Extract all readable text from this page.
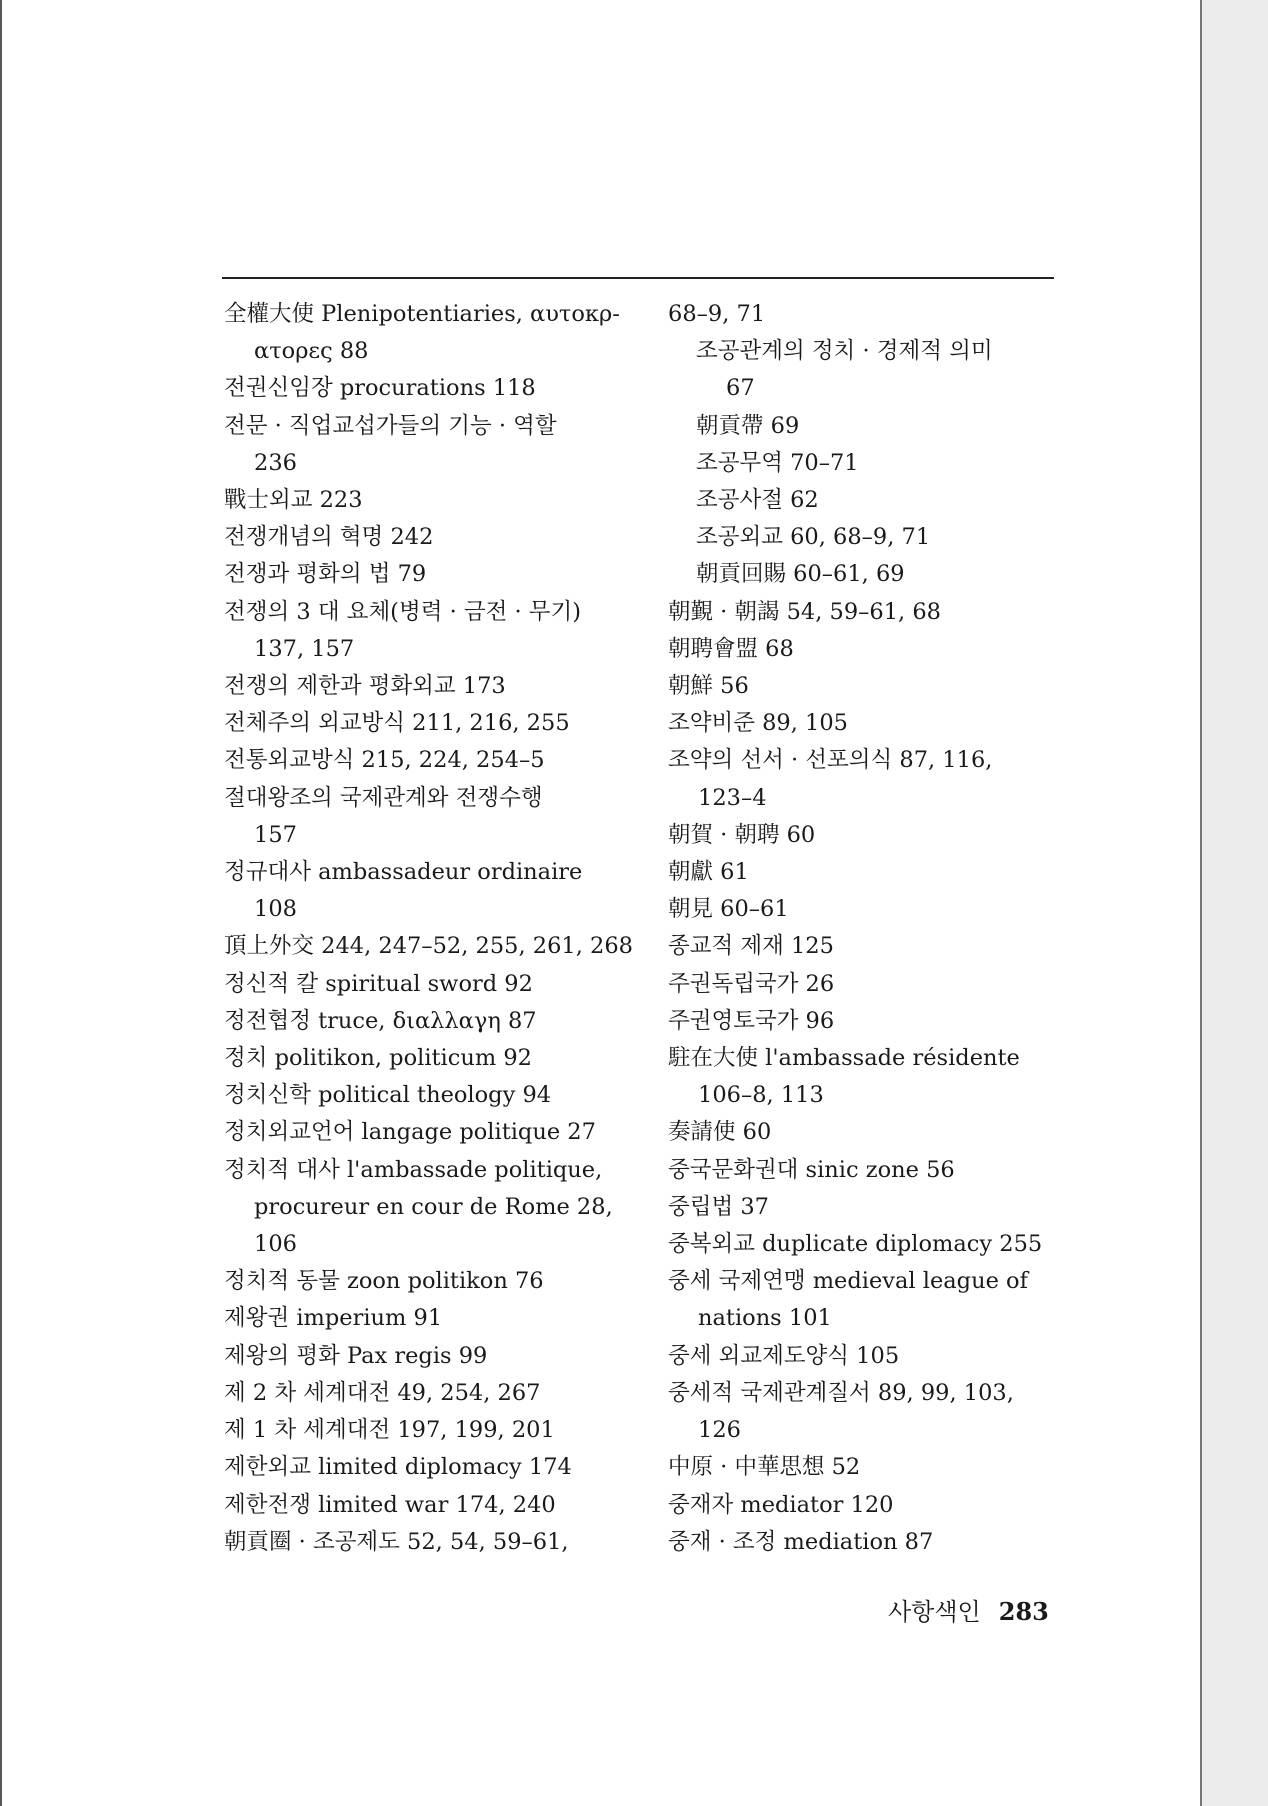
全權大使 Plenipotentiaries, αυτοκρ-
ατορες 88
전권신임장 procurations 118
전문 · 직업교섭가들의 기능 · 역할
236
戰士외교 223
전쟁개념의 혁명 242
전쟁과 평화의 법 79
전쟁의 3 대 요체(병력 · 금전 · 무기)
137, 157
전쟁의 제한과 평화외교 173
전체주의 외교방식 211, 216, 255
전통외교방식 215, 224, 254–5
절대왕조의 국제관계와 전쟁수행
157
정규대사 ambassadeur ordinaire
108
頂上外交 244, 247–52, 255, 261, 268
정신적 칼 spiritual sword 92
정전협정 truce, διαλλαγη 87
정치 politikon, politicum 92
정치신학 political theology 94
정치외교언어 langage politique 27
정치적 대사 l'ambassade politique,
procureur en cour de Rome 28,
106
정치적 동물 zoon politikon 76
제왕권 imperium 91
제왕의 평화 Pax regis 99
제 2 차 세계대전 49, 254, 267
제 1 차 세계대전 197, 199, 201
제한외교 limited diplomacy 174
제한전쟁 limited war 174, 240
朝貢圈 · 조공제도 52, 54, 59–61,
68–9, 71
조공관계의 정치 · 경제적 의미
67
朝貢帶 69
조공무역 70–71
조공사절 62
조공외교 60, 68–9, 71
朝貢回賜 60–61, 69
朝覲 · 朝謁 54, 59–61, 68
朝聘會盟 68
朝鮮 56
조약비준 89, 105
조약의 선서 · 선포의식 87, 116,
123–4
朝賀 · 朝聘 60
朝獻 61
朝見 60–61
종교적 제재 125
주권독립국가 26
주권영토국가 96
駐在大使 l'ambassade résidente
106–8, 113
奏請使 60
중국문화권대 sinic zone 56
중립법 37
중복외교 duplicate diplomacy 255
중세 국제연맹 medieval league of
nations 101
중세 외교제도양식 105
중세적 국제관계질서 89, 99, 103,
126
中原 · 中華思想 52
중재자 mediator 120
중재 · 조정 mediation 87
사항색인 283
